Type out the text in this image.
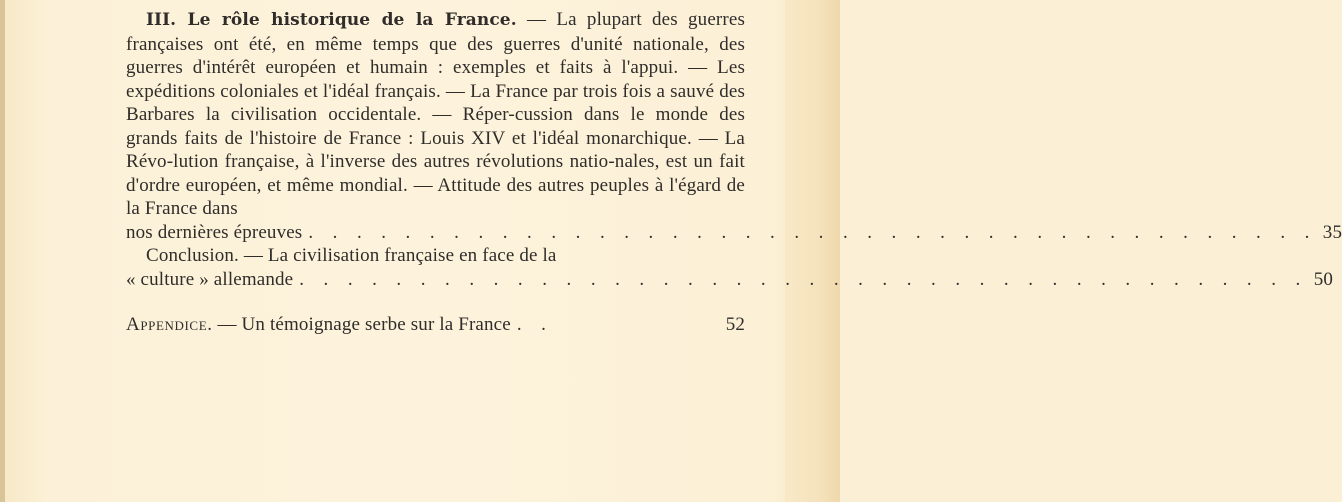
III. Le rôle historique de la France. — La plupart des guerres françaises ont été, en même temps que des guerres d'unité nationale, des guerres d'intérêt européen et humain : exemples et faits à l'appui. — Les expéditions coloniales et l'idéal français. — La France par trois fois a sauvé des Barbares la civilisation occidentale. — Réper-cussion dans le monde des grands faits de l'histoire de France : Louis XIV et l'idéal monarchique. — La Révo-lution française, à l'inverse des autres révolutions natio-nales, est un fait d'ordre européen, et même mondial. — Attitude des autres peuples à l'égard de la France dans

nos dernières épreuves . . . . . . . . . . . . . . . . . . . . . . . . . . . . . . . . . . . . . . . . . . 35

Conclusion. — La civilisation française en face de la

« culture » allemande . . . . . . . . . . . . . . . . . . . . . . . . . . . . . . . . . . . . . . . . . . 50
Appendice. — Un témoignage serbe sur la France . .	52
